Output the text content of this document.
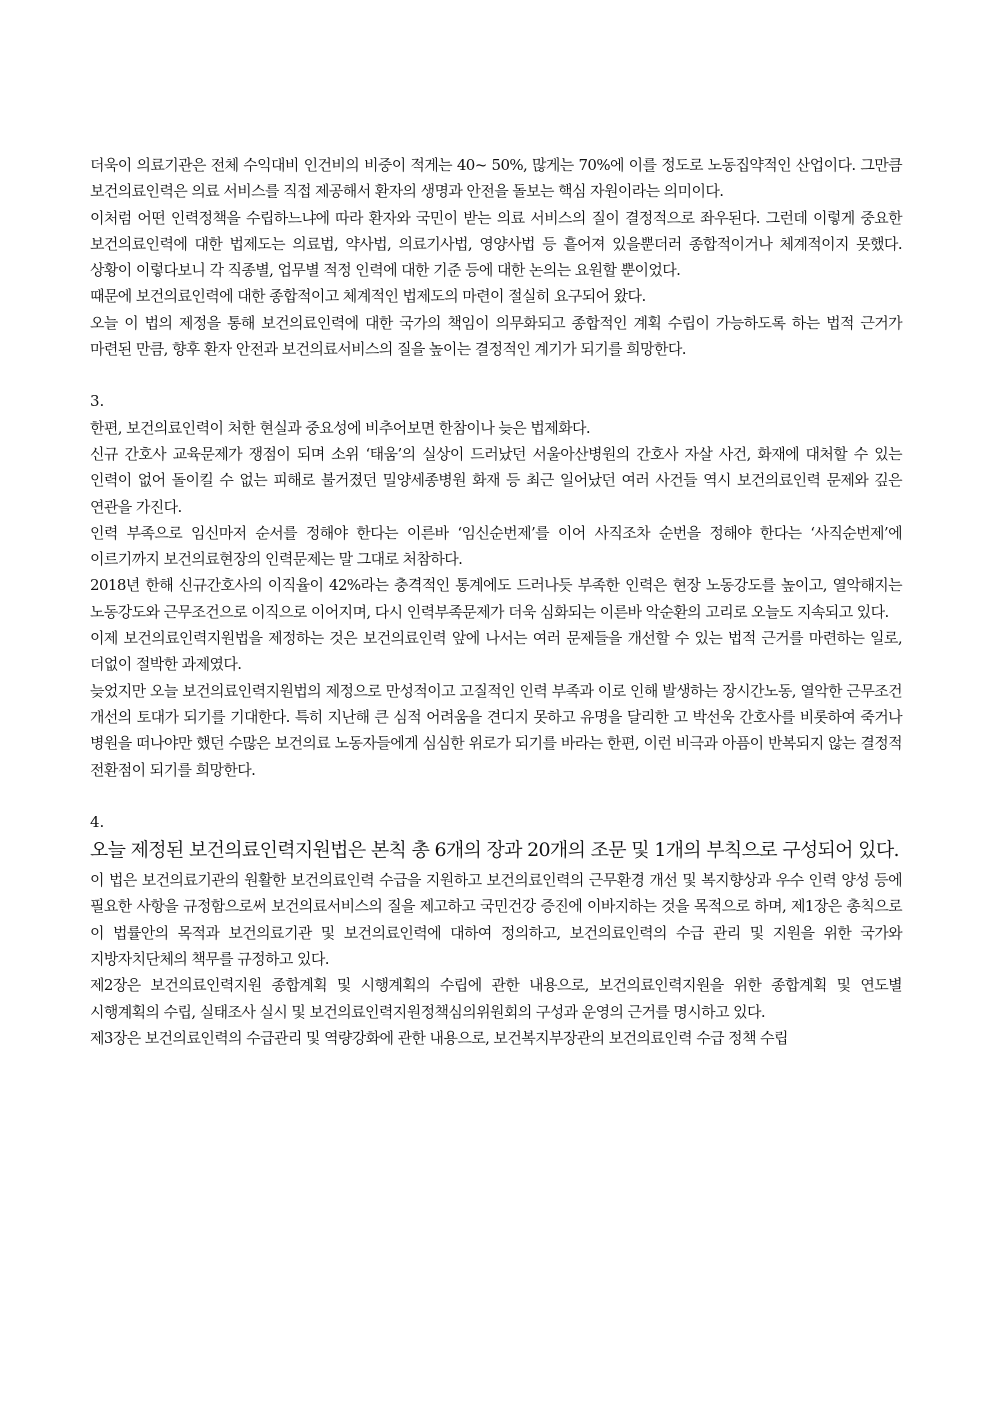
더욱이 의료기관은 전체 수익대비 인건비의 비중이 적게는 40~ 50%, 많게는 70%에 이를 정도로 노동집약적인 산업이다. 그만큼 보건의료인력은 의료 서비스를 직접 제공해서 환자의 생명과 안전을 돌보는 핵심 자원이라는 의미이다.

이처럼 어떤 인력정책을 수립하느냐에 따라 환자와 국민이 받는 의료 서비스의 질이 결정적으로 좌우된다. 그런데 이렇게 중요한 보건의료인력에 대한 법제도는 의료법, 약사법, 의료기사법, 영양사법 등 흩어져 있을뿐더러 종합적이거나 체계적이지 못했다. 상황이 이렇다보니 각 직종별, 업무별 적정 인력에 대한 기준 등에 대한 논의는 요원할 뿐이었다.

때문에 보건의료인력에 대한 종합적이고 체계적인 법제도의 마련이 절실히 요구되어 왔다.

오늘 이 법의 제정을 통해 보건의료인력에 대한 국가의 책임이 의무화되고 종합적인 계획 수립이 가능하도록 하는 법적 근거가 마련된 만큼, 향후 환자 안전과 보건의료서비스의 질을 높이는 결정적인 계기가 되기를 희망한다.

3.

한편, 보건의료인력이 처한 현실과 중요성에 비추어보면 한참이나 늦은 법제화다.

신규 간호사 교육문제가 쟁점이 되며 소위 ‘태움’의 실상이 드러났던 서울아산병원의 간호사 자살 사건, 화재에 대처할 수 있는 인력이 없어 돌이킬 수 없는 피해로 불거졌던 밀양세종병원 화재 등 최근 일어났던 여러 사건들 역시 보건의료인력 문제와 깊은 연관을 가진다.

인력 부족으로 임신마저 순서를 정해야 한다는 이른바 ‘임신순번제’를 이어 사직조차 순번을 정해야 한다는 ‘사직순번제’에 이르기까지 보건의료현장의 인력문제는 말 그대로 처참하다.

2018년 한해 신규간호사의 이직율이 42%라는 충격적인 통계에도 드러나듯 부족한 인력은 현장 노동강도를 높이고, 열악해지는 노동강도와 근무조건으로 이직으로 이어지며, 다시 인력부족문제가 더욱 심화되는 이른바 악순환의 고리로 오늘도 지속되고 있다.

이제 보건의료인력지원법을 제정하는 것은 보건의료인력 앞에 나서는 여러 문제들을 개선할 수 있는 법적 근거를 마련하는 일로, 더없이 절박한 과제였다.

늦었지만 오늘 보건의료인력지원법의 제정으로 만성적이고 고질적인 인력 부족과 이로 인해 발생하는 장시간노동, 열악한 근무조건 개선의 토대가 되기를 기대한다. 특히 지난해 큰 심적 어려움을 견디지 못하고 유명을 달리한 고 박선욱 간호사를 비롯하여 죽거나 병원을 떠나야만 했던 수많은 보건의료 노동자들에게 심심한 위로가 되기를 바라는 한편, 이런 비극과 아픔이 반복되지 않는 결정적 전환점이 되기를 희망한다.

4.

오늘 제정된 보건의료인력지원법은 본칙 총 6개의 장과 20개의 조문 및 1개의 부칙으로 구성되어 있다.

이 법은 보건의료기관의 원활한 보건의료인력 수급을 지원하고 보건의료인력의 근무환경 개선 및 복지향상과 우수 인력 양성 등에 필요한 사항을 규정함으로써 보건의료서비스의 질을 제고하고 국민건강 증진에 이바지하는 것을 목적으로 하며, 제1장은 총칙으로 이 법률안의 목적과 보건의료기관 및 보건의료인력에 대하여 정의하고, 보건의료인력의 수급 관리 및 지원을 위한 국가와 지방자치단체의 책무를 규정하고 있다.

제2장은 보건의료인력지원 종합계획 및 시행계획의 수립에 관한 내용으로, 보건의료인력지원을 위한 종합계획 및 연도별 시행계획의 수립, 실태조사 실시 및 보건의료인력지원정책심의위원회의 구성과 운영의 근거를 명시하고 있다.

제3장은 보건의료인력의 수급관리 및 역량강화에 관한 내용으로, 보건복지부장관의 보건의료인력 수급 정책 수립
